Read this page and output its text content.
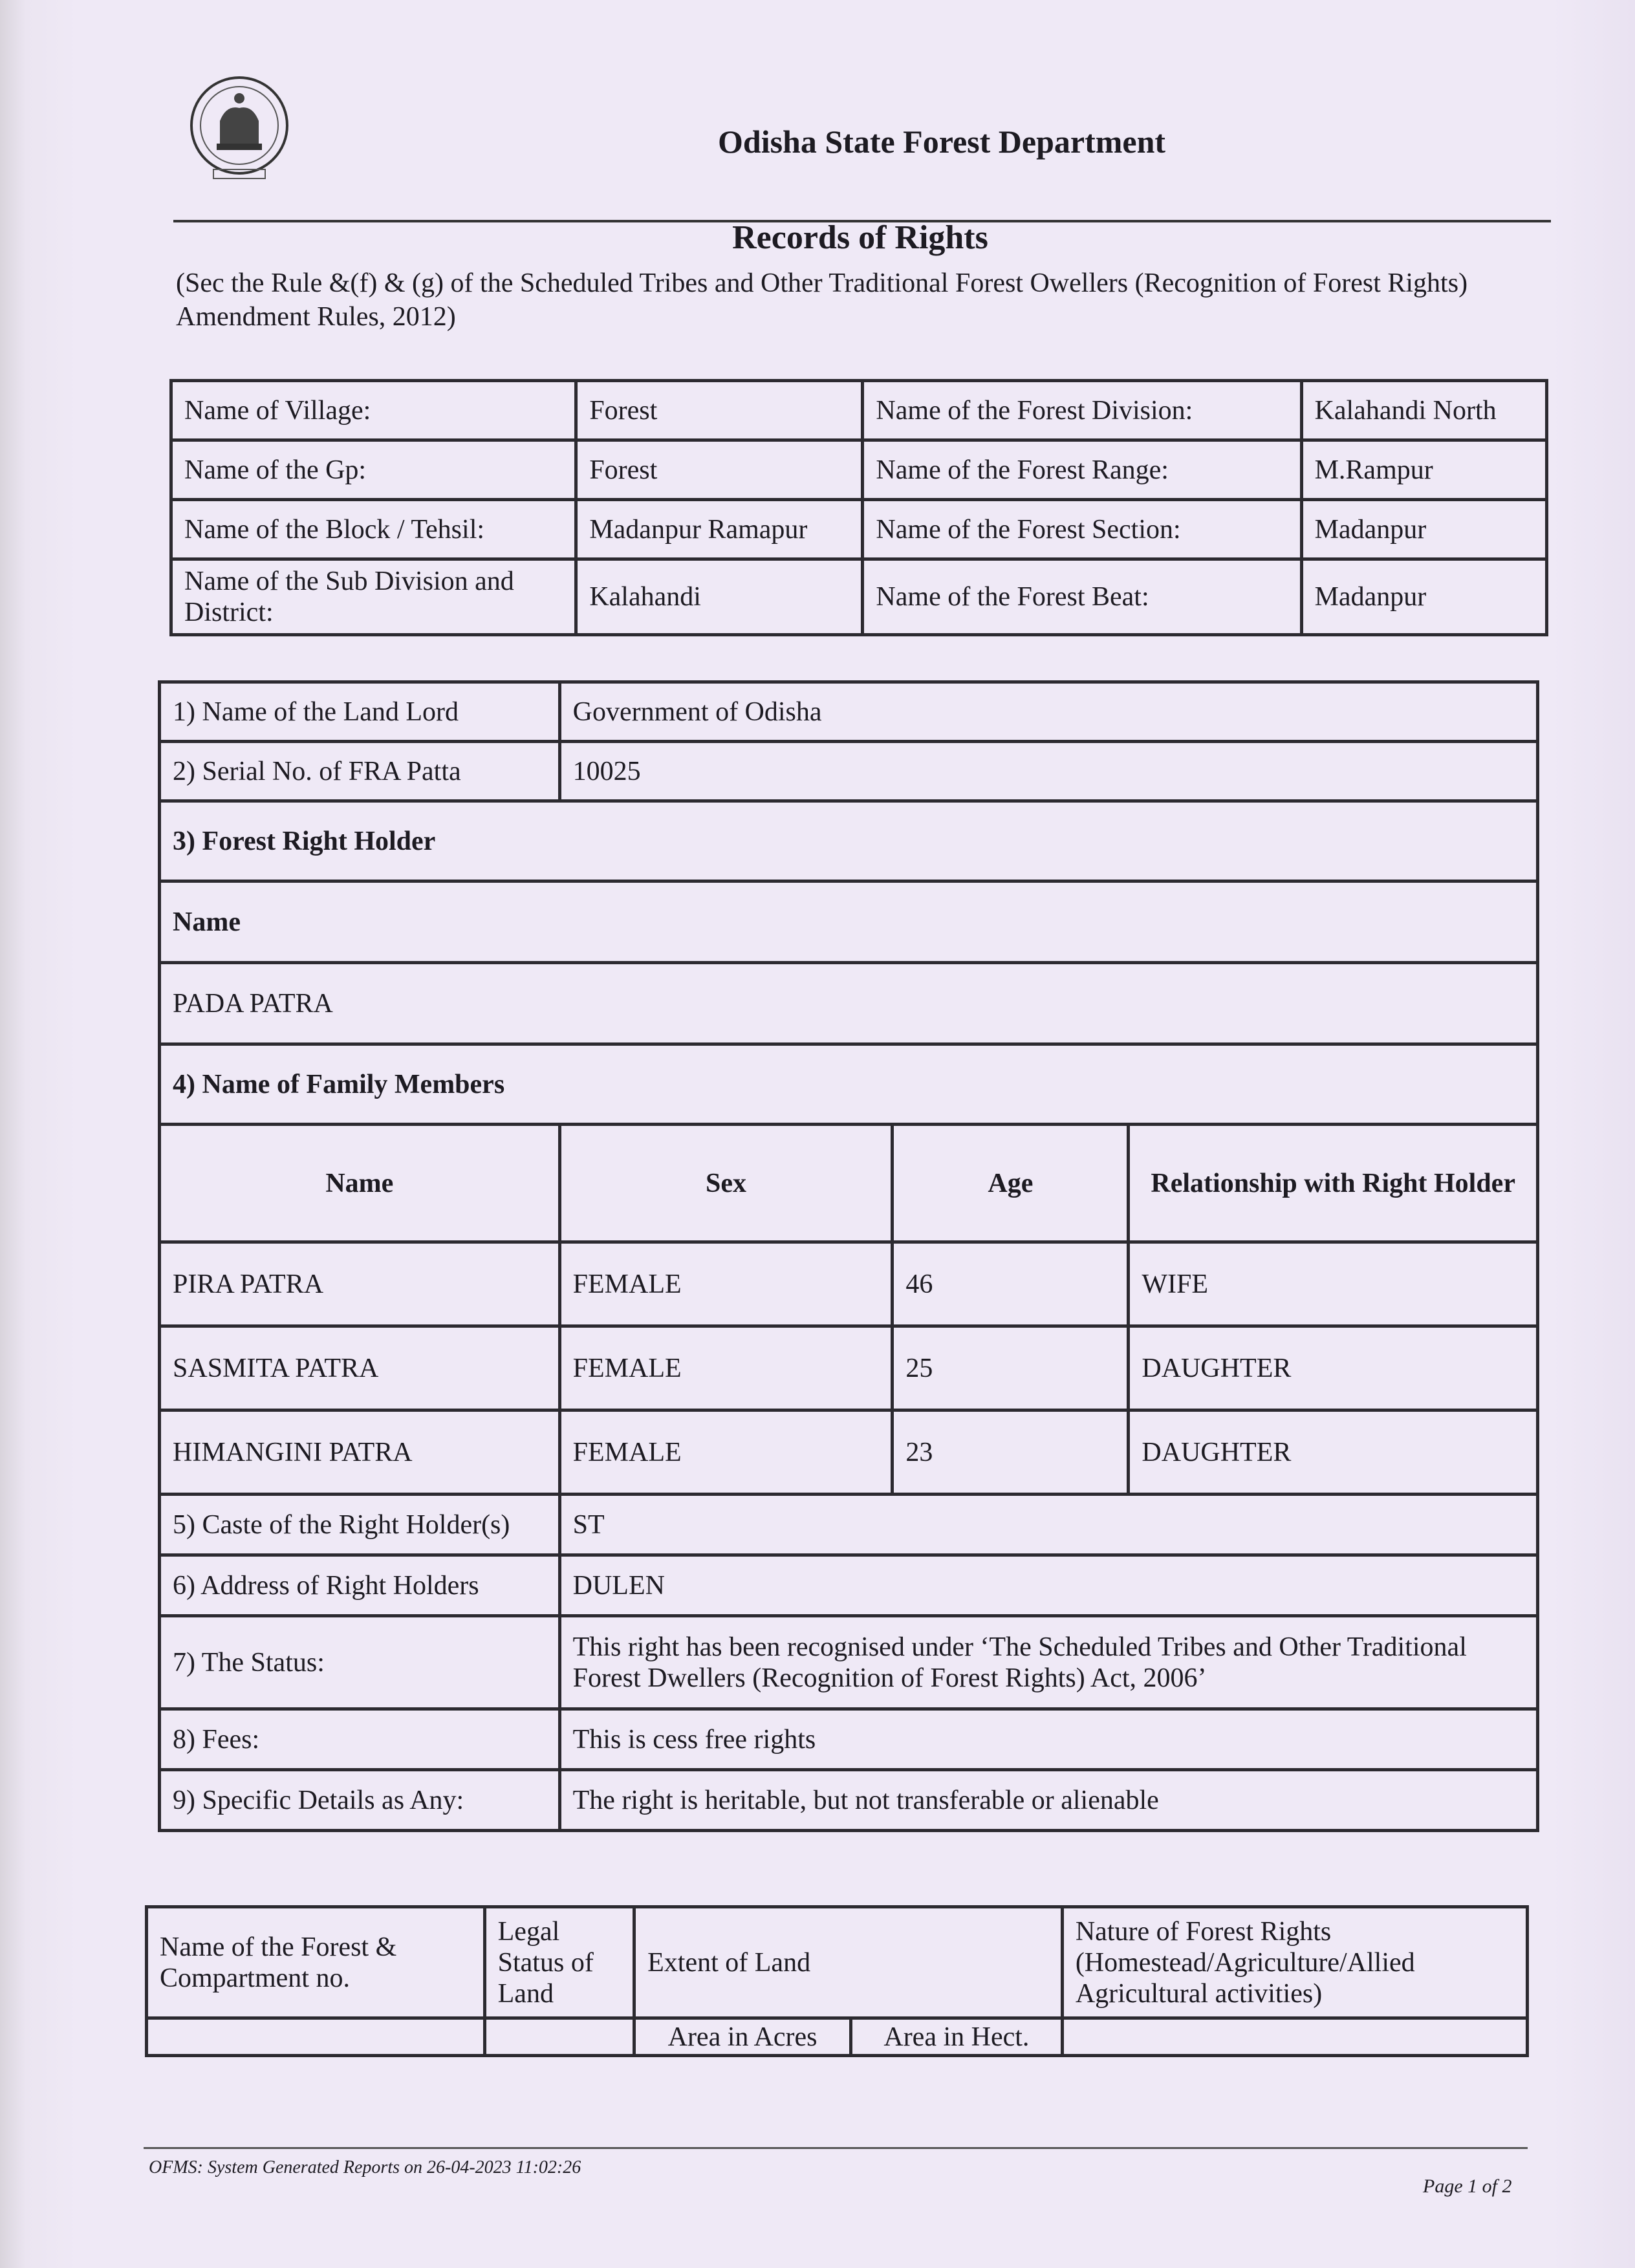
Odisha State Forest Department
Records of Rights
(Sec the Rule &(f) & (g) of the Scheduled Tribes and Other Traditional Forest Owellers (Recognition of Forest Rights) Amendment Rules, 2012)
Name of Village:	Forest	Name of the Forest Division:	Kalahandi North
Name of the Gp:	Forest	Name of the Forest Range:	M.Rampur
Name of the Block / Tehsil:	Madanpur Ramapur	Name of the Forest Section:	Madanpur
Name of the Sub Division and District:	Kalahandi	Name of the Forest Beat:	Madanpur
1) Name of the Land Lord	Government of Odisha		
2) Serial No. of FRA Patta	10025		
3) Forest Right Holder			
Name			
PADA PATRA			
4) Name of Family Members			
Name	Sex	Age	Relationship with Right Holder
PIRA PATRA	FEMALE	46	WIFE
SASMITA PATRA	FEMALE	25	DAUGHTER
HIMANGINI PATRA	FEMALE	23	DAUGHTER
5) Caste of the Right Holder(s)	ST		
6) Address of Right Holders	DULEN		
7) The Status:	This right has been recognised under ‘The Scheduled Tribes and Other Traditional
Forest Dwellers (Recognition of Forest Rights) Act, 2006’		
8) Fees:	This is cess free rights		
9) Specific Details as Any:	The right is heritable, but not transferable or alienable		
Name of the Forest & Compartment no.	Legal Status of Land	Extent of Land		Nature of Forest Rights (Homestead/Agriculture/Allied Agricultural activities)
		Area in Acres	Area in Hect.	
OFMS: System Generated Reports on 26-04-2023 11:02:26
Page 1 of 2
